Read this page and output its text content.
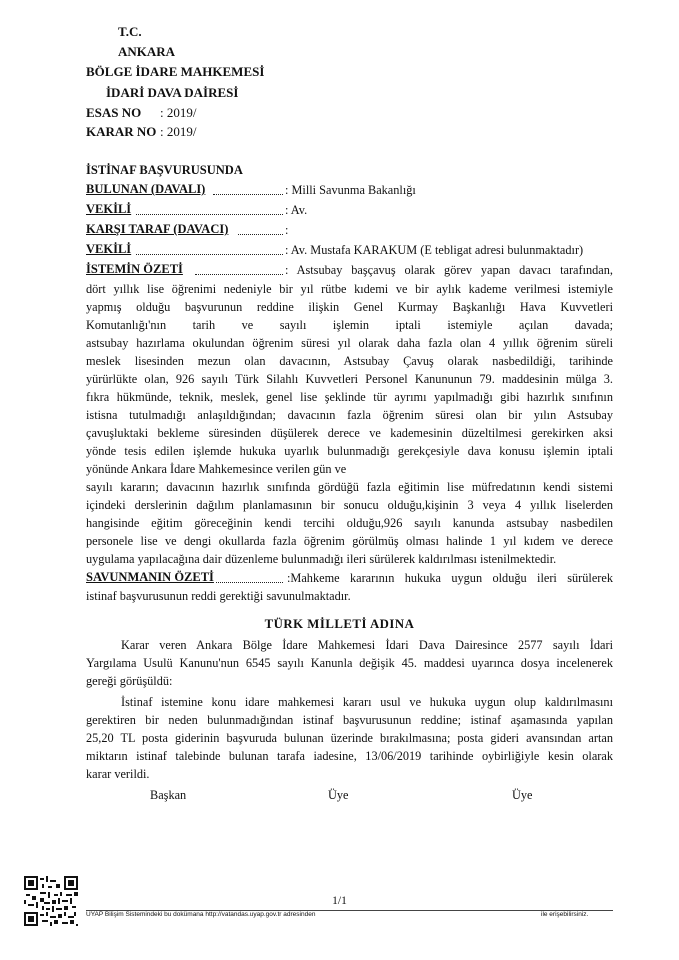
T.C.
ANKARA
BÖLGE İDARE MAHKEMESİ
İDARİ DAVA DAİRESİ
ESAS NO : 2019/
KARAR NO : 2019/
İSTİNAF BAŞVURUSUNDA
BULUNAN (DAVALI)	: Milli Savunma Bakanlığı
VEKİLİ	: Av.
KARŞI TARAF (DAVACI)	:
VEKİLİ	: Av. Mustafa KARAKUM (E tebligat adresi bulunmaktadır)
İSTEMİN ÖZETİ	: Astsubay başçavuş olarak görev yapan davacı tarafından,
dört yıllık lise öğrenimi nedeniyle bir yıl rütbe kıdemi ve bir aylık kademe verilmesi istemiyle
yapmış olduğu başvurunun reddine ilişkin Genel Kurmay Başkanlığı Hava Kuvvetleri
Komutanlığı'nın tarih ve sayılı işlemin iptali istemiyle açılan davada;
astsubay hazırlama okulundan öğrenim süresi yıl olarak daha fazla olan 4 yıllık öğrenim süreli
meslek lisesinden mezun olan davacının, Astsubay Çavuş olarak nasbedildiği, tarihinde
yürürlükte olan, 926 sayılı Türk Silahlı Kuvvetleri Personel Kanununun 79. maddesinin mülga 3.
fıkra hükmünde, teknik, meslek, genel lise şeklinde tür ayrımı yapılmadığı gibi hazırlık sınıfının
istisna tutulmadığı anlaşıldığından; davacının fazla öğrenim süresi olan bir yılın Astsubay
çavuşluktaki bekleme süresinden düşülerek derece ve kademesinin düzeltilmesi gerekirken aksi
yönde tesis edilen işlemde hukuka uyarlık bulunmadığı gerekçesiyle dava konusu işlemin iptali
yönünde Ankara İdare Mahkemesince verilen gün ve
sayılı kararın; davacının hazırlık sınıfında gördüğü fazla eğitimin lise müfredatının kendi sistemi
içindeki derslerinin dağılım planlamasının bir sonucu olduğu,kişinin 3 veya 4 yıllık liselerden
hangisinde eğitim göreceğinin kendi tercihi olduğu,926 sayılı kanunda astsubay nasbedilen
personele lise ve dengi okullarda fazla öğrenim görülmüş olması halinde 1 yıl kıdem ve derece
uygulama yapılacağına dair düzenleme bulunmadığı ileri sürülerek kaldırılması istenilmektedir.
SAVUNMANIN ÖZETİ	:Mahkeme kararının hukuka uygun olduğu ileri sürülerek
istinaf başvurusunun reddi gerektiği savunulmaktadır.
TÜRK MİLLETİ ADINA
Karar veren Ankara Bölge İdare Mahkemesi İdari Dava Dairesince 2577 sayılı İdari
Yargılama Usulü Kanunu'nun 6545 sayılı Kanunla değişik 45. maddesi uyarınca dosya incelenerek
gereği görüşüldü:
İstinaf istemine konu idare mahkemesi kararı usul ve hukuka uygun olup kaldırılmasını
gerektiren bir neden bulunmadığından istinaf başvurusunun reddine; istinaf aşamasında yapılan
25,20 TL posta giderinin başvuruda bulunan üzerinde bırakılmasına; posta gideri avansından artan
miktarın istinaf talebinde bulunan tarafa iadesine, 13/06/2019 tarihinde oybirliğiyle kesin olarak
karar verildi.
Başkan	Üye	Üye
1/1
UYAP Bilişim Sistemindeki bu dokümana http://vatandas.uyap.gov.tr adresinden	ile erişebilirsiniz.
